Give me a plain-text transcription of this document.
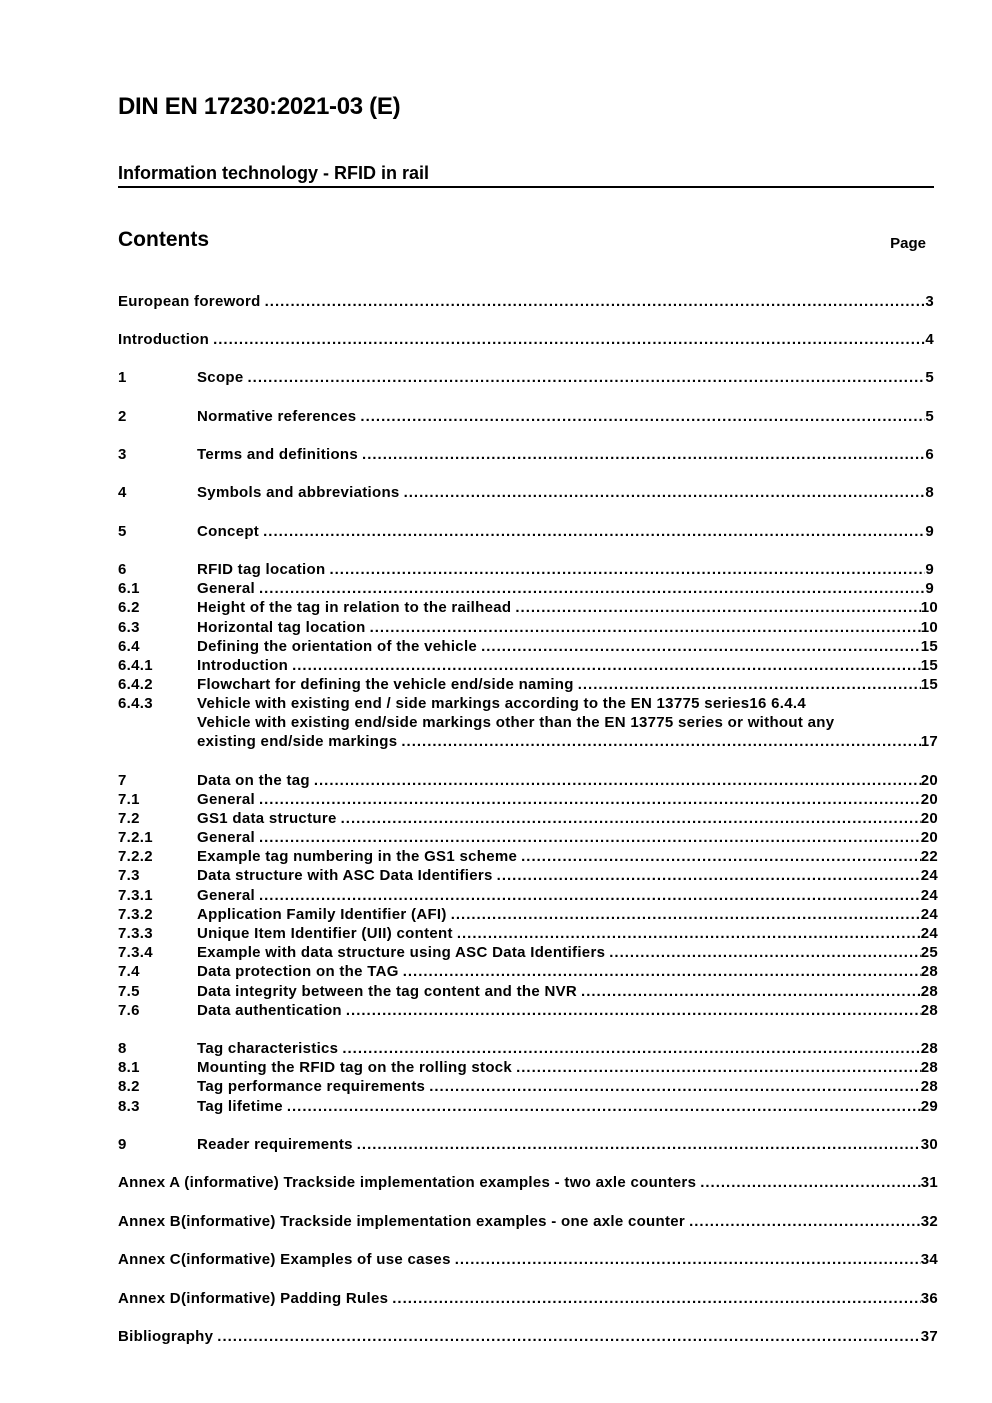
DIN EN 17230:2021-03 (E)
Information technology - RFID in rail
Contents	Page
European foreword .....	3
Introduction .....	4
1	Scope .....	5
2	Normative references .....	5
3	Terms and definitions .....	6
4	Symbols and abbreviations .....	8
5	Concept .....	9
6	RFID tag location .....	9
6.1	General .....	9
6.2	Height of the tag in relation to the railhead .....	10
6.3	Horizontal tag location .....	10
6.4	Defining the orientation of the vehicle .....	15
6.4.1	Introduction .....	15
6.4.2	Flowchart for defining the vehicle end/side naming .....	15
6.4.3	Vehicle with existing end / side markings according to the EN 13775 series16 6.4.4
Vehicle with existing end/side markings other than the EN 13775 series or without any
existing end/side markings .....	17
7	Data on the tag .....	20
7.1	General .....	20
7.2	GS1 data structure .....	20
7.2.1	General .....	20
7.2.2	Example tag numbering in the GS1 scheme .....	22
7.3	Data structure with ASC Data Identifiers .....	24
7.3.1	General .....	24
7.3.2	Application Family Identifier (AFI) .....	24
7.3.3	Unique Item Identifier (UII) content .....	24
7.3.4	Example with data structure using ASC Data Identifiers .....	25
7.4	Data protection on the TAG .....	28
7.5	Data integrity between the tag content and the NVR .....	28
7.6	Data authentication .....	28
8	Tag characteristics .....	28
8.1	Mounting the RFID tag on the rolling stock .....	28
8.2	Tag performance requirements .....	28
8.3	Tag lifetime .....	29
9	Reader requirements .....	30
Annex A (informative) Trackside implementation examples - two axle counters .....	31
Annex B(informative) Trackside implementation examples - one axle counter .....	32
Annex C(informative) Examples of use cases .....	34
Annex D(informative) Padding Rules .....	36
Bibliography .....	37
